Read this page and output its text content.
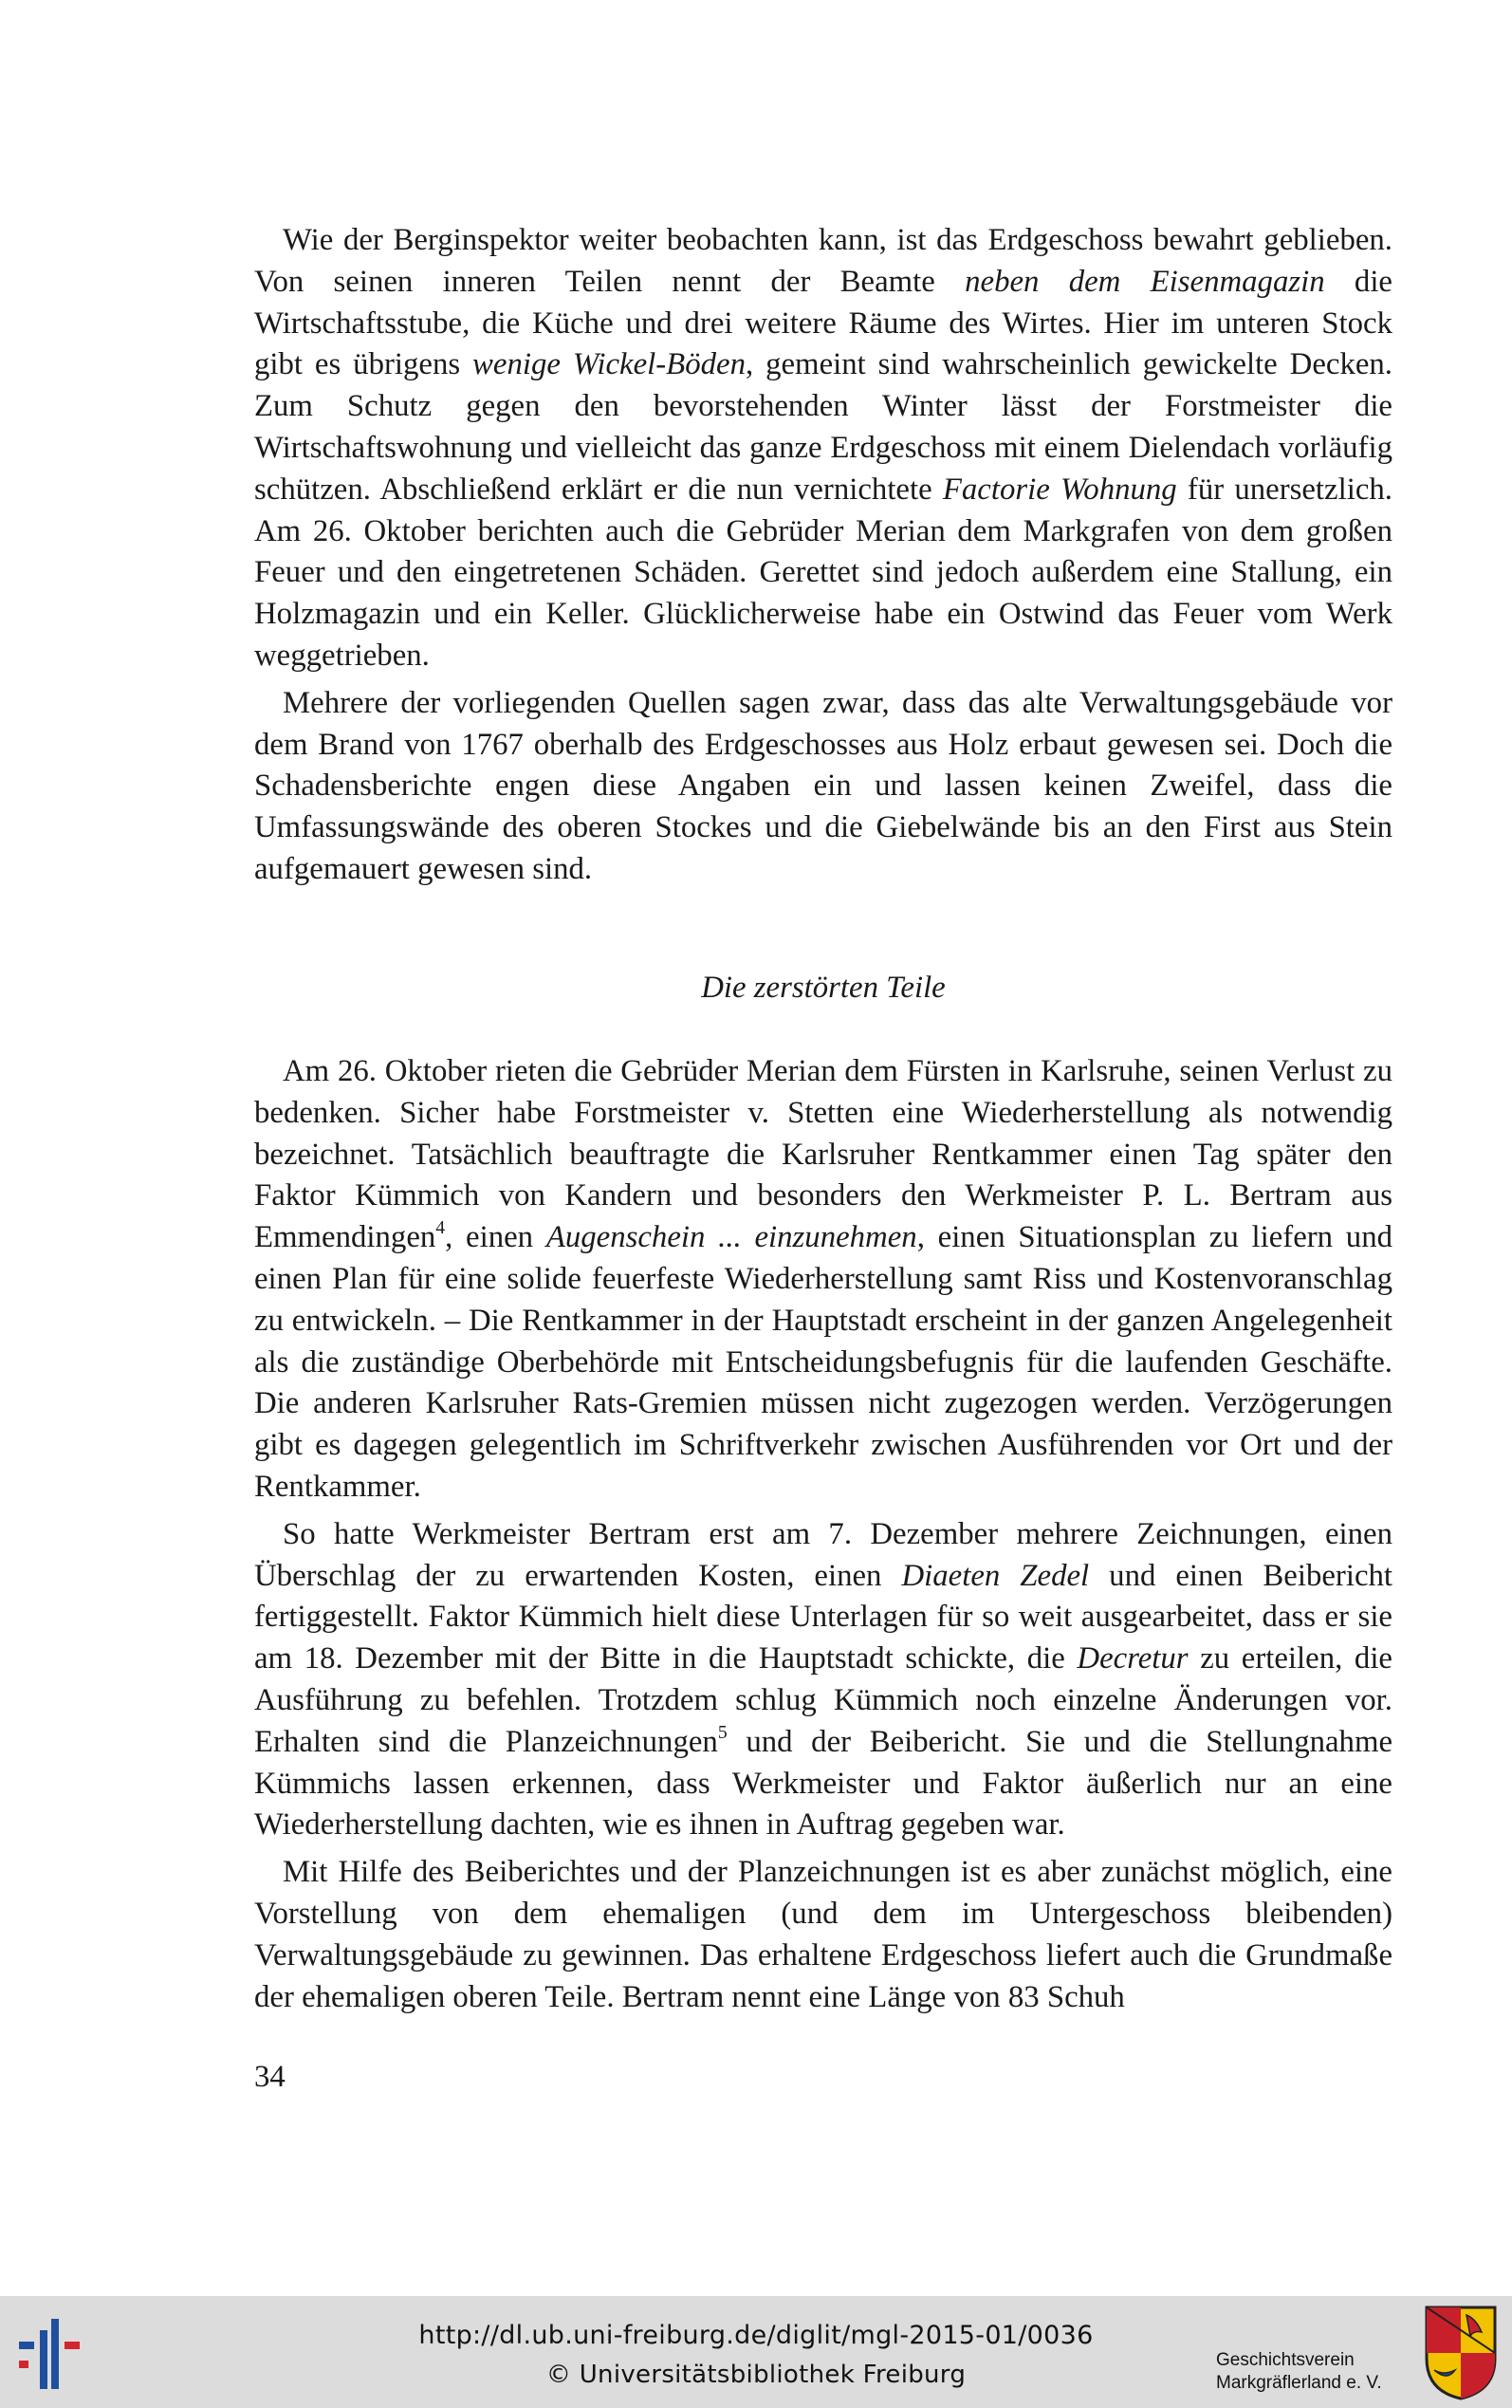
Wie der Berginspektor weiter beobachten kann, ist das Erdgeschoss bewahrt geblieben. Von seinen inneren Teilen nennt der Beamte neben dem Eisenmagazin die Wirtschaftsstube, die Küche und drei weitere Räume des Wirtes. Hier im unteren Stock gibt es übrigens wenige Wickel-Böden, gemeint sind wahrscheinlich gewickelte Decken. Zum Schutz gegen den bevorstehenden Winter lässt der Forstmeister die Wirtschaftswohnung und vielleicht das ganze Erdgeschoss mit einem Dielendach vorläufig schützen. Abschließend erklärt er die nun vernichtete Factorie Wohnung für unersetzlich. Am 26. Oktober berichten auch die Gebrüder Merian dem Markgrafen von dem großen Feuer und den eingetretenen Schäden. Gerettet sind jedoch außerdem eine Stallung, ein Holzmagazin und ein Keller. Glücklicherweise habe ein Ostwind das Feuer vom Werk weggetrieben.

Mehrere der vorliegenden Quellen sagen zwar, dass das alte Verwaltungsgebäude vor dem Brand von 1767 oberhalb des Erdgeschosses aus Holz erbaut gewesen sei. Doch die Schadensberichte engen diese Angaben ein und lassen keinen Zweifel, dass die Umfassungswände des oberen Stockes und die Giebelwände bis an den First aus Stein aufgemauert gewesen sind.

Die zerstörten Teile

Am 26. Oktober rieten die Gebrüder Merian dem Fürsten in Karlsruhe, seinen Verlust zu bedenken. Sicher habe Forstmeister v. Stetten eine Wiederherstellung als notwendig bezeichnet. Tatsächlich beauftragte die Karlsruher Rentkammer einen Tag später den Faktor Kümmich von Kandern und besonders den Werkmeister P. L. Bertram aus Emmendingen$^4$, einen Augenschein ... einzunehmen, einen Situationsplan zu liefern und einen Plan für eine solide feuerfeste Wiederherstellung samt Riss und Kostenvoranschlag zu entwickeln. – Die Rentkammer in der Hauptstadt erscheint in der ganzen Angelegenheit als die zuständige Oberbehörde mit Entscheidungsbefugnis für die laufenden Geschäfte. Die anderen Karlsruher Rats-Gremien müssen nicht zugezogen werden. Verzögerungen gibt es dagegen gelegentlich im Schriftverkehr zwischen Ausführenden vor Ort und der Rentkammer.

So hatte Werkmeister Bertram erst am 7. Dezember mehrere Zeichnungen, einen Überschlag der zu erwartenden Kosten, einen Diaeten Zedel und einen Beibericht fertiggestellt. Faktor Kümmich hielt diese Unterlagen für so weit ausgearbeitet, dass er sie am 18. Dezember mit der Bitte in die Hauptstadt schickte, die Decretur zu erteilen, die Ausführung zu befehlen. Trotzdem schlug Kümmich noch einzelne Änderungen vor. Erhalten sind die Planzeichnungen$^5$ und der Beibericht. Sie und die Stellungnahme Kümmichs lassen erkennen, dass Werkmeister und Faktor äußerlich nur an eine Wiederherstellung dachten, wie es ihnen in Auftrag gegeben war.

Mit Hilfe des Beiberichtes und der Planzeichnungen ist es aber zunächst möglich, eine Vorstellung von dem ehemaligen (und dem im Untergeschoss bleibenden) Verwaltungsgebäude zu gewinnen. Das erhaltene Erdgeschoss liefert auch die Grundmaße der ehemaligen oberen Teile. Bertram nennt eine Länge von 83 Schuh

34
http://dl.ub.uni-freiburg.de/diglit/mgl-2015-01/0036
© Universitätsbibliothek Freiburg
Geschichtsverein
Markgräflerland e. V.
